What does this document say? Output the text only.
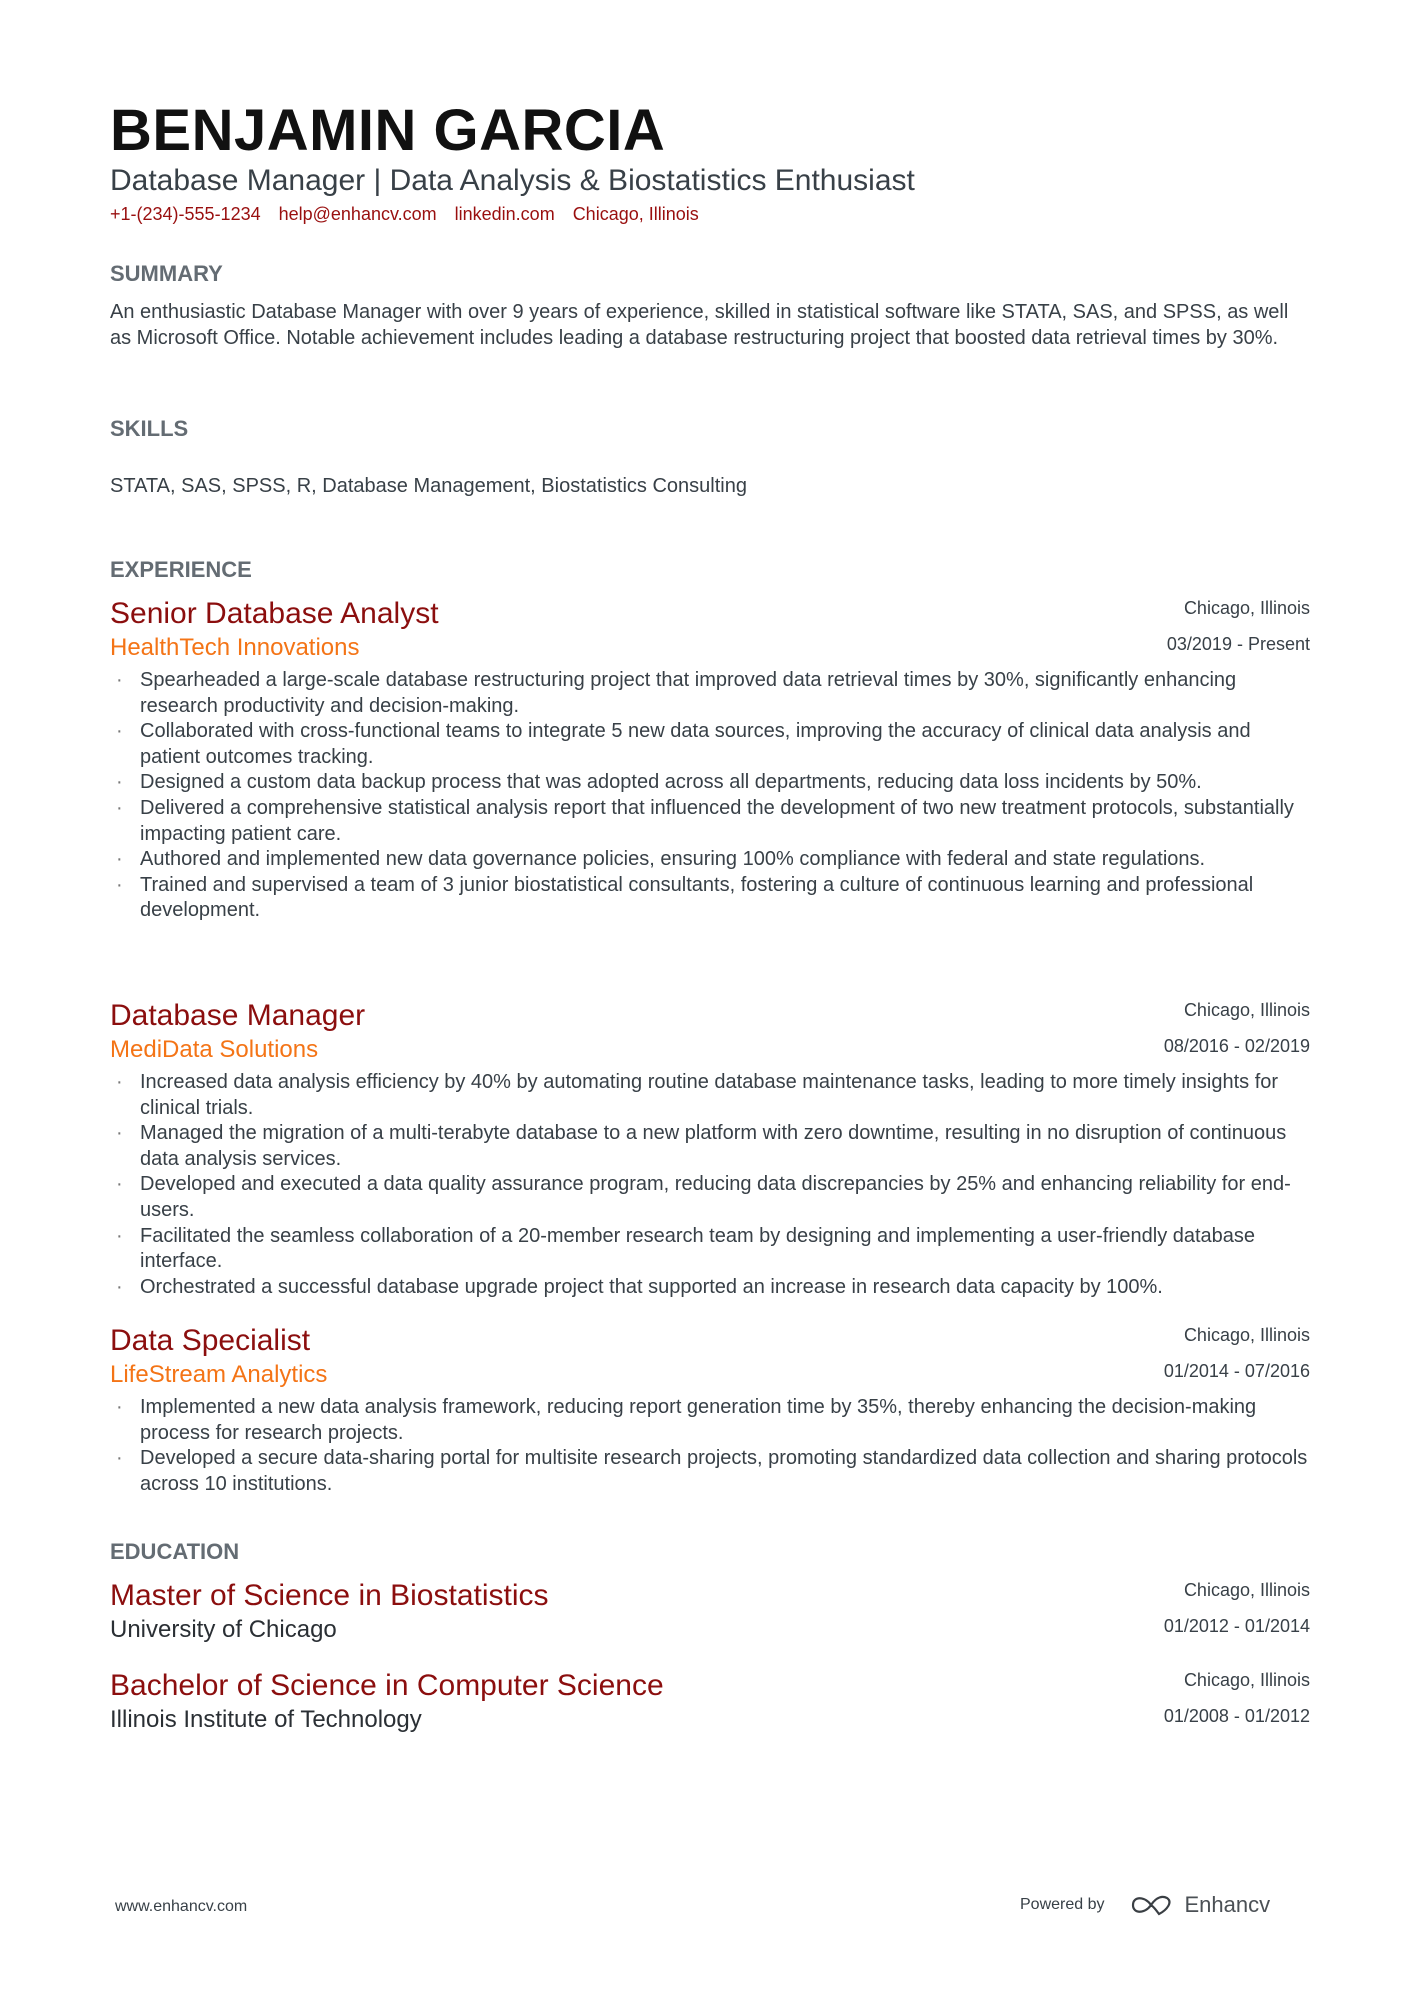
BENJAMIN GARCIA
Database Manager | Data Analysis & Biostatistics Enthusiast
+1-(234)-555-1234 help@enhancv.com linkedin.com Chicago, Illinois
SUMMARY
An enthusiastic Database Manager with over 9 years of experience, skilled in statistical software like STATA, SAS, and SPSS, as well as Microsoft Office. Notable achievement includes leading a database restructuring project that boosted data retrieval times by 30%.
SKILLS
STATA, SAS, SPSS, R, Database Management, Biostatistics Consulting
EXPERIENCE
Senior Database Analyst
HealthTech Innovations
Chicago, Illinois
03/2019 - Present
· Spearheaded a large-scale database restructuring project that improved data retrieval times by 30%, significantly enhancing research productivity and decision-making.
· Collaborated with cross-functional teams to integrate 5 new data sources, improving the accuracy of clinical data analysis and patient outcomes tracking.
· Designed a custom data backup process that was adopted across all departments, reducing data loss incidents by 50%.
· Delivered a comprehensive statistical analysis report that influenced the development of two new treatment protocols, substantially impacting patient care.
· Authored and implemented new data governance policies, ensuring 100% compliance with federal and state regulations.
· Trained and supervised a team of 3 junior biostatistical consultants, fostering a culture of continuous learning and professional development.
Database Manager
MediData Solutions
Chicago, Illinois
08/2016 - 02/2019
· Increased data analysis efficiency by 40% by automating routine database maintenance tasks, leading to more timely insights for clinical trials.
· Managed the migration of a multi-terabyte database to a new platform with zero downtime, resulting in no disruption of continuous data analysis services.
· Developed and executed a data quality assurance program, reducing data discrepancies by 25% and enhancing reliability for end-users.
· Facilitated the seamless collaboration of a 20-member research team by designing and implementing a user-friendly database interface.
· Orchestrated a successful database upgrade project that supported an increase in research data capacity by 100%.
Data Specialist
LifeStream Analytics
Chicago, Illinois
01/2014 - 07/2016
· Implemented a new data analysis framework, reducing report generation time by 35%, thereby enhancing the decision-making process for research projects.
· Developed a secure data-sharing portal for multisite research projects, promoting standardized data collection and sharing protocols across 10 institutions.
EDUCATION
Master of Science in Biostatistics
University of Chicago
Chicago, Illinois
01/2012 - 01/2014
Bachelor of Science in Computer Science
Illinois Institute of Technology
Chicago, Illinois
01/2008 - 01/2012
www.enhancv.com	Powered by	Enhancv
